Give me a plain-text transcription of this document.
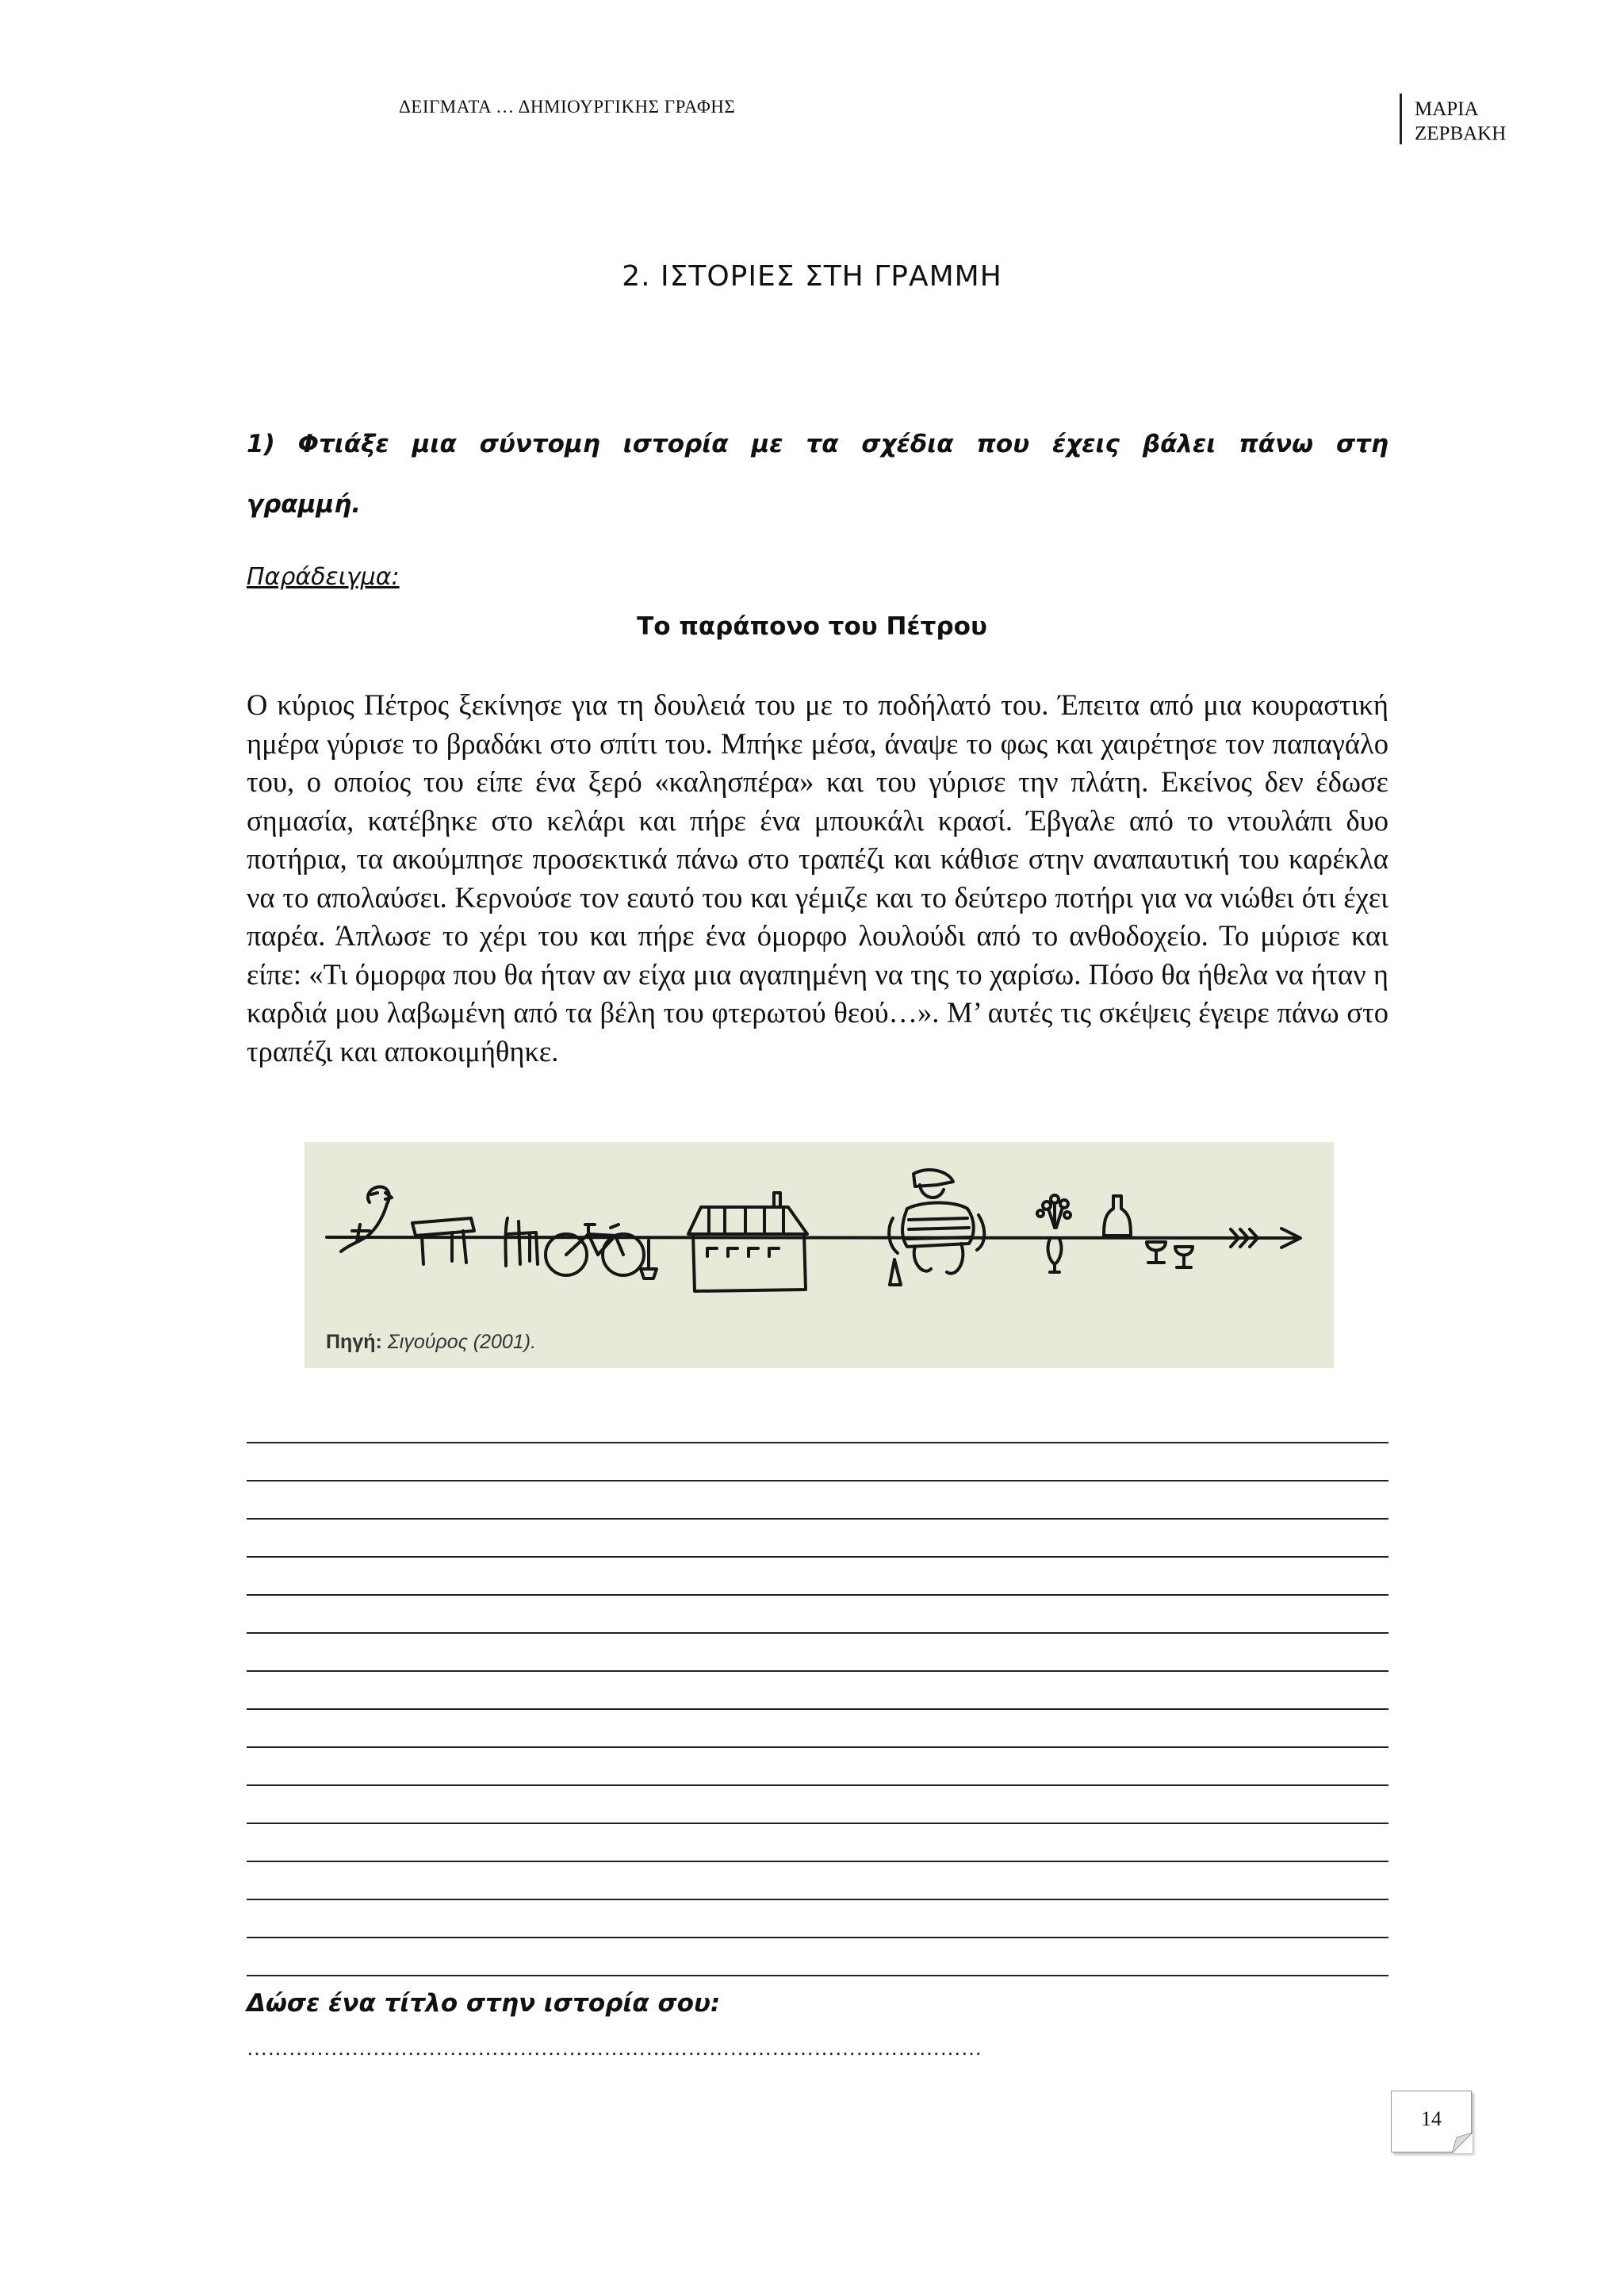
ΔΕΙΓΜΑΤΑ … ΔΗΜΙΟΥΡΓΙΚΗΣ ΓΡΑΦΗΣ	ΜΑΡΙΑ
ΖΕΡΒΑΚΗ
2. ΙΣΤΟΡΙΕΣ ΣΤΗ ΓΡΑΜΜΗ
1) Φτιάξε μια σύντομη ιστορία με τα σχέδια που έχεις βάλει πάνω στη γραμμή.
Παράδειγμα:
Το παράπονο του Πέτρου
Ο κύριος Πέτρος ξεκίνησε για τη δουλειά του με το ποδήλατό του. Έπειτα από μια κουραστική ημέρα γύρισε το βραδάκι στο σπίτι του. Μπήκε μέσα, άναψε το φως και χαιρέτησε τον παπαγάλο του, ο οποίος του είπε ένα ξερό «καλησπέρα» και του γύρισε την πλάτη. Εκείνος δεν έδωσε σημασία, κατέβηκε στο κελάρι και πήρε ένα μπουκάλι κρασί. Έβγαλε από το ντουλάπι δυο ποτήρια, τα ακούμπησε προσεκτικά πάνω στο τραπέζι και κάθισε στην αναπαυτική του καρέκλα να το απολαύσει. Κερνούσε τον εαυτό του και γέμιζε και το δεύτερο ποτήρι για να νιώθει ότι έχει παρέα. Άπλωσε το χέρι του και πήρε ένα όμορφο λουλούδι από το ανθοδοχείο. Το μύρισε και είπε: «Τι όμορφα που θα ήταν αν είχα μια αγαπημένη να της το χαρίσω. Πόσο θα ήθελα να ήταν η καρδιά μου λαβωμένη από τα βέλη του φτερωτού θεού…». Μ’ αυτές τις σκέψεις έγειρε πάνω στο τραπέζι και αποκοιμήθηκε.
Πηγή: Σιγούρος (2001).
Δώσε ένα τίτλο στην ιστορία σου:
……………………………………………………………………………………………
14
